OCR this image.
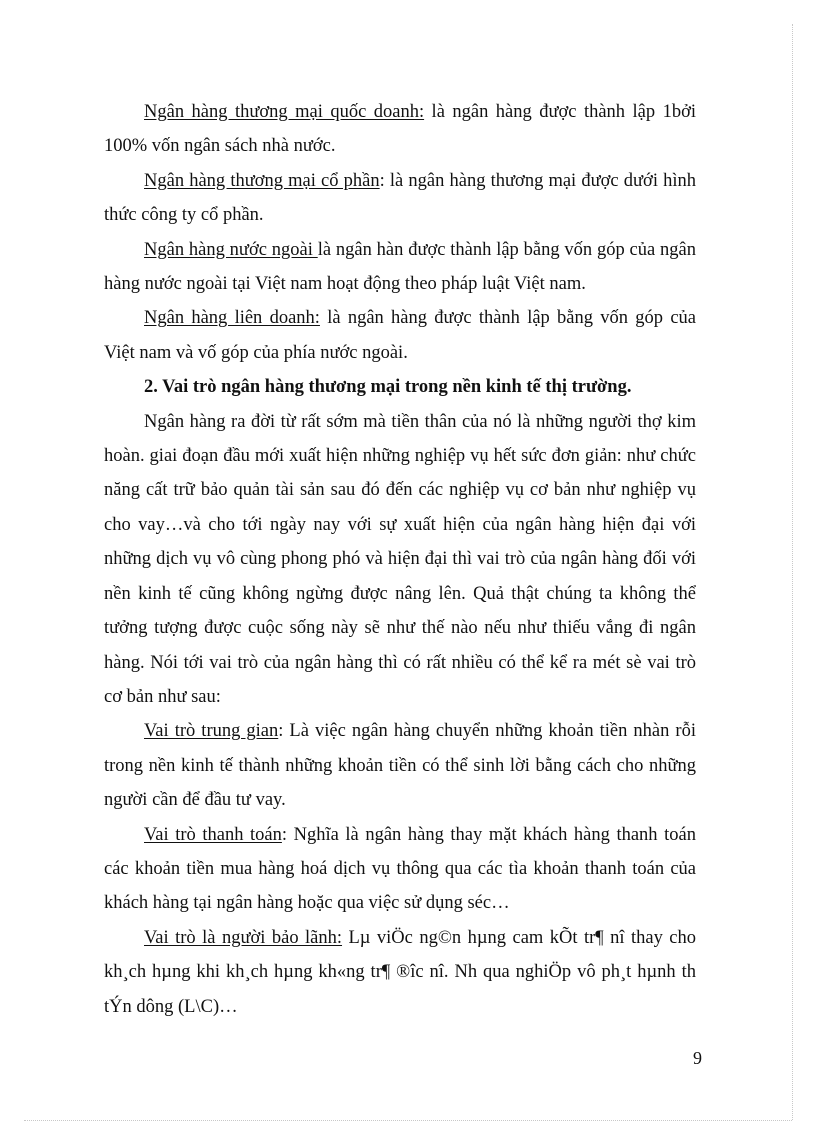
Ngân hàng thương mại quốc doanh: là ngân hàng được thành lập 1bởi 100% vốn ngân sách nhà nước.

Ngân hàng thương mại cổ phần: là ngân hàng thương mại được dưới hình thức công ty cổ phần.

Ngân hàng nước ngoài là ngân hàn được thành lập bằng vốn góp của ngân hàng nước ngoài tại Việt nam hoạt động theo pháp luật Việt nam.

Ngân hàng liên doanh: là ngân hàng được thành lập bằng vốn góp của Việt nam và vố góp của phía nước ngoài.

2. Vai trò ngân hàng thương mại trong nền kinh tế thị trường.

Ngân hàng ra đời từ rất sớm mà tiền thân của nó là những người thợ kim hoàn. giai đoạn đầu mới xuất hiện những nghiệp vụ hết sức đơn giản: như chức năng cất trữ bảo quản tài sản sau đó đến các nghiệp vụ cơ bản như nghiệp vụ cho vay…và cho tới ngày nay với sự xuất hiện của ngân hàng hiện đại với những dịch vụ vô cùng phong phó và hiện đại thì vai trò của ngân hàng đối với nền kinh tế cũng không ngừng được nâng lên. Quả thật chúng ta không thể tưởng tượng được cuộc sống này sẽ như thế nào nếu như thiếu vắng đi ngân hàng. Nói tới vai trò của ngân hàng thì có rất nhiều có thể kể ra mét sè vai trò cơ bản như sau:

Vai trò trung gian: Là việc ngân hàng chuyển những khoản tiền nhàn rỗi trong nền kinh tế thành những khoản tiền có thể sinh lời bằng cách cho những người cần để đầu tư vay.

Vai trò thanh toán: Nghĩa là ngân hàng thay mặt khách hàng thanh toán các khoản tiền mua hàng hoá dịch vụ thông qua các tìa khoản thanh toán của khách hàng tại ngân hàng hoặc qua việc sử dụng séc…

Vai trò là người bảo lãnh: Lµ viÖc ng©n hµng cam kÕt tr¶ nî thay cho kh¸ch hµng khi kh¸ch hµng kh«ng tr¶ ®îc nî. Nh qua nghiÖp vô ph¸t hµnh th tÝn dông (L\C)…

9
